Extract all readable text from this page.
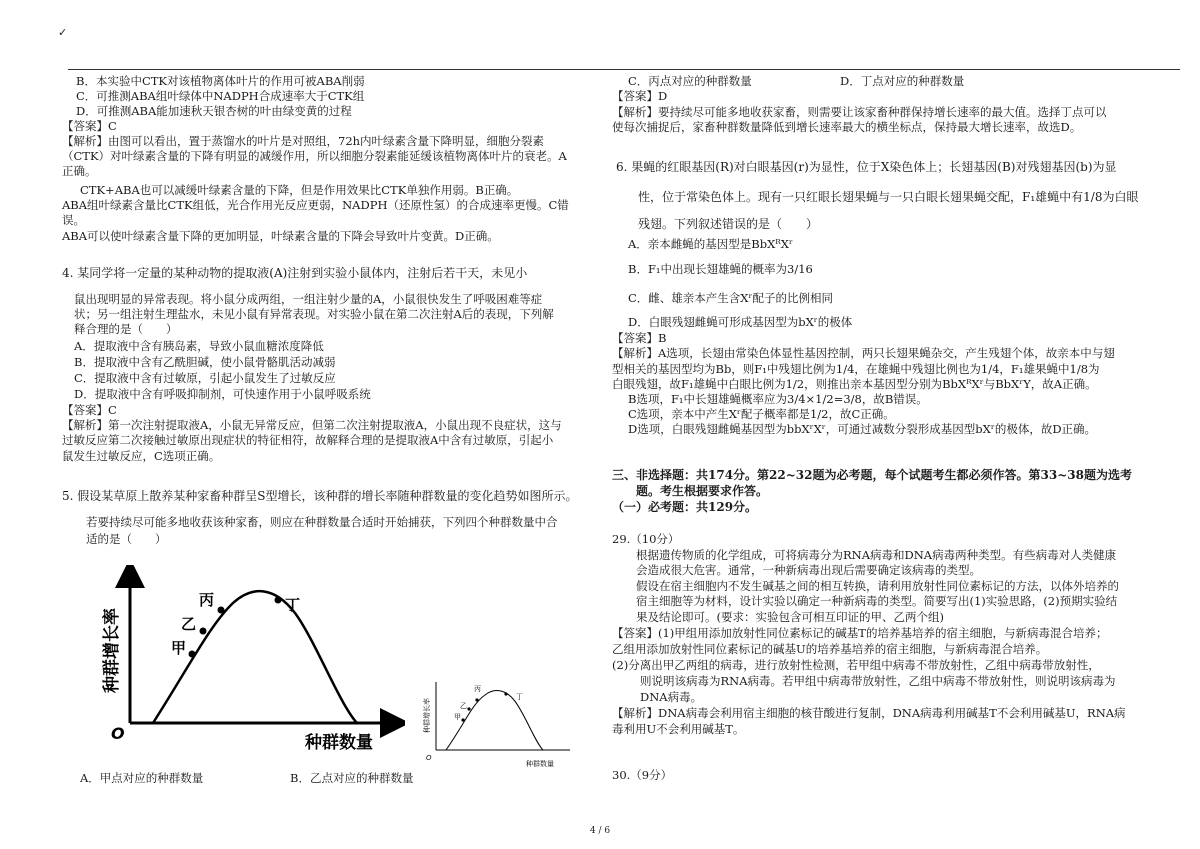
✓
B．本实验中CTK对该植物离体叶片的作用可被ABA削弱
C．可推测ABA组叶绿体中NADPH合成速率大于CTK组
D．可推测ABA能加速秋天银杏树的叶由绿变黄的过程
【答案】C
【解析】由图可以看出，置于蒸馏水的叶片是对照组，72h内叶绿素含量下降明显，细胞分裂素
（CTK）对叶绿素含量的下降有明显的减缓作用，所以细胞分裂素能延缓该植物离体叶片的衰老。A
正确。
CTK+ABA也可以减缓叶绿素含量的下降，但是作用效果比CTK单独作用弱。B正确。
ABA组叶绿素含量比CTK组低，光合作用光反应更弱，NADPH（还原性氢）的合成速率更慢。C错
误。
ABA可以使叶绿素含量下降的更加明显，叶绿素含量的下降会导致叶片变黄。D正确。
4. 某同学将一定量的某种动物的提取液(A)注射到实验小鼠体内，注射后若干天，未见小
鼠出现明显的异常表现。将小鼠分成两组，一组注射少量的A，小鼠很快发生了呼吸困难等症
状；另一组注射生理盐水，未见小鼠有异常表现。对实验小鼠在第二次注射A后的表现，下列解
释合理的是（　　）
A．提取液中含有胰岛素，导致小鼠血糖浓度降低
B．提取液中含有乙酰胆碱，使小鼠骨骼肌活动减弱
C．提取液中含有过敏原，引起小鼠发生了过敏反应
D．提取液中含有呼吸抑制剂，可快速作用于小鼠呼吸系统
【答案】C
【解析】第一次注射提取液A，小鼠无异常反应，但第二次注射提取液A，小鼠出现不良症状，这与
过敏反应第二次接触过敏原出现症状的特征相符，故解释合理的是提取液A中含有过敏原，引起小
鼠发生过敏反应，C选项正确。
5. 假设某草原上散养某种家畜种群呈S型增长，该种群的增长率随种群数量的变化趋势如图所示。
若要持续尽可能多地收获该种家畜，则应在种群数量合适时开始捕获，下列四个种群数量中合
适的是（　　）
甲
乙
丙	丁
O	种群数量
种群增长率
甲
乙
丙
丁
O
种群数量
种群增长率
A．甲点对应的种群数量	B．乙点对应的种群数量
C．丙点对应的种群数量	D．丁点对应的种群数量
【答案】D
【解析】要持续尽可能多地收获家畜，则需要让该家畜种群保持增长速率的最大值。选择丁点可以
使每次捕捉后，家畜种群数量降低到增长速率最大的横坐标点，保持最大增长速率，故选D。
6. 果蝇的红眼基因(R)对白眼基因(r)为显性，位于X染色体上；长翅基因(B)对残翅基因(b)为显
性，位于常染色体上。现有一只红眼长翅果蝇与一只白眼长翅果蝇交配，F₁雄蝇中有1/8为白眼
残翅。下列叙述错误的是（　　）
A．亲本雌蝇的基因型是BbXᴿXʳ
B．F₁中出现长翅雄蝇的概率为3/16
C．雌、雄亲本产生含Xʳ配子的比例相同
D．白眼残翅雌蝇可形成基因型为bXʳ的极体
【答案】B
【解析】A选项，长翅由常染色体显性基因控制，两只长翅果蝇杂交，产生残翅个体，故亲本中与翅
型相关的基因型均为Bb，则F₁中残翅比例为1/4，在雄蝇中残翅比例也为1/4，F₁雄果蝇中1/8为
白眼残翅，故F₁雄蝇中白眼比例为1/2，则推出亲本基因型分别为BbXᴿXʳ与BbXʳY，故A正确。
B选项，F₁中长翅雄蝇概率应为3/4×1/2=3/8，故B错误。
C选项，亲本中产生Xʳ配子概率都是1/2，故C正确。
D选项，白眼残翅雌蝇基因型为bbXʳXʳ，可通过减数分裂形成基因型bXʳ的极体，故D正确。
三、非选择题：共174分。第22~32题为必考题，每个试题考生都必须作答。第33~38题为选考
题。考生根据要求作答。
（一）必考题：共129分。
29.（10分）
根据遗传物质的化学组成，可将病毒分为RNA病毒和DNA病毒两种类型。有些病毒对人类健康
会造成很大危害。通常，一种新病毒出现后需要确定该病毒的类型。
假设在宿主细胞内不发生碱基之间的相互转换，请利用放射性同位素标记的方法，以体外培养的
宿主细胞等为材料，设计实验以确定一种新病毒的类型。简要写出(1)实验思路，(2)预期实验结
果及结论即可。(要求：实验包含可相互印证的甲、乙两个组)
【答案】(1)甲组用添加放射性同位素标记的碱基T的培养基培养的宿主细胞，与新病毒混合培养；
乙组用添加放射性同位素标记的碱基U的培养基培养的宿主细胞，与新病毒混合培养。
(2)分离出甲乙两组的病毒，进行放射性检测，若甲组中病毒不带放射性，乙组中病毒带放射性，
则说明该病毒为RNA病毒。若甲组中病毒带放射性，乙组中病毒不带放射性，则说明该病毒为
DNA病毒。
【解析】DNA病毒会利用宿主细胞的核苷酸进行复制，DNA病毒利用碱基T不会利用碱基U，RNA病
毒利用U不会利用碱基T。
30.（9分）
4 / 6
